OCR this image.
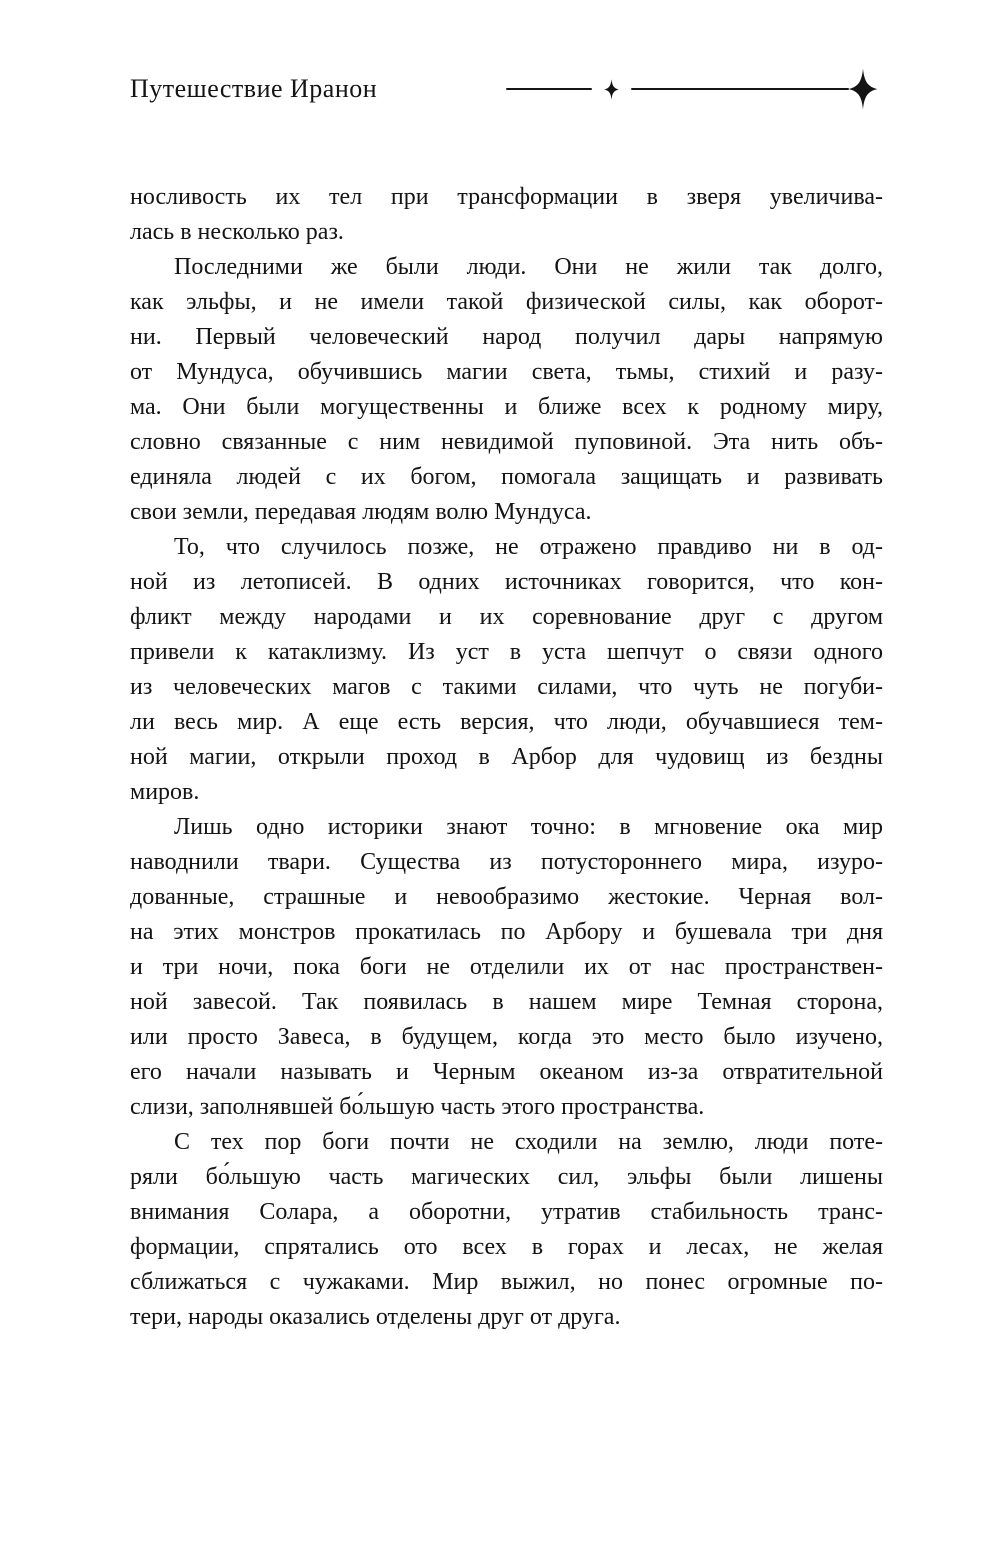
Путешествие Иранон
носливость их тел при трансформации в зверя увеличива-
лась в несколько раз.
Последними же были люди. Они не жили так долго,
как эльфы, и не имели такой физической силы, как оборот-
ни. Первый человеческий народ получил дары напрямую
от Мундуса, обучившись магии света, тьмы, стихий и разу-
ма. Они были могущественны и ближе всех к родному миру,
словно связанные с ним невидимой пуповиной. Эта нить объ-
единяла людей с их богом, помогала защищать и развивать
свои земли, передавая людям волю Мундуса.
То, что случилось позже, не отражено правдиво ни в од-
ной из летописей. В одних источниках говорится, что кон-
фликт между народами и их соревнование друг с другом
привели к катаклизму. Из уст в уста шепчут о связи одного
из человеческих магов с такими силами, что чуть не погуби-
ли весь мир. А еще есть версия, что люди, обучавшиеся тем-
ной магии, открыли проход в Арбор для чудовищ из бездны
миров.
Лишь одно историки знают точно: в мгновение ока мир
наводнили твари. Существа из потустороннего мира, изуро-
дованные, страшные и невообразимо жестокие. Черная вол-
на этих монстров прокатилась по Арбору и бушевала три дня
и три ночи, пока боги не отделили их от нас пространствен-
ной завесой. Так появилась в нашем мире Темная сторона,
или просто Завеса, в будущем, когда это место было изучено,
его начали называть и Черным океаном из-за отвратительной
слизи, заполнявшей бо́льшую часть этого пространства.
С тех пор боги почти не сходили на землю, люди поте-
ряли бо́льшую часть магических сил, эльфы были лишены
внимания Солара, а оборотни, утратив стабильность транс-
формации, спрятались ото всех в горах и лесах, не желая
сближаться с чужаками. Мир выжил, но понес огромные по-
тери, народы оказались отделены друг от друга.
